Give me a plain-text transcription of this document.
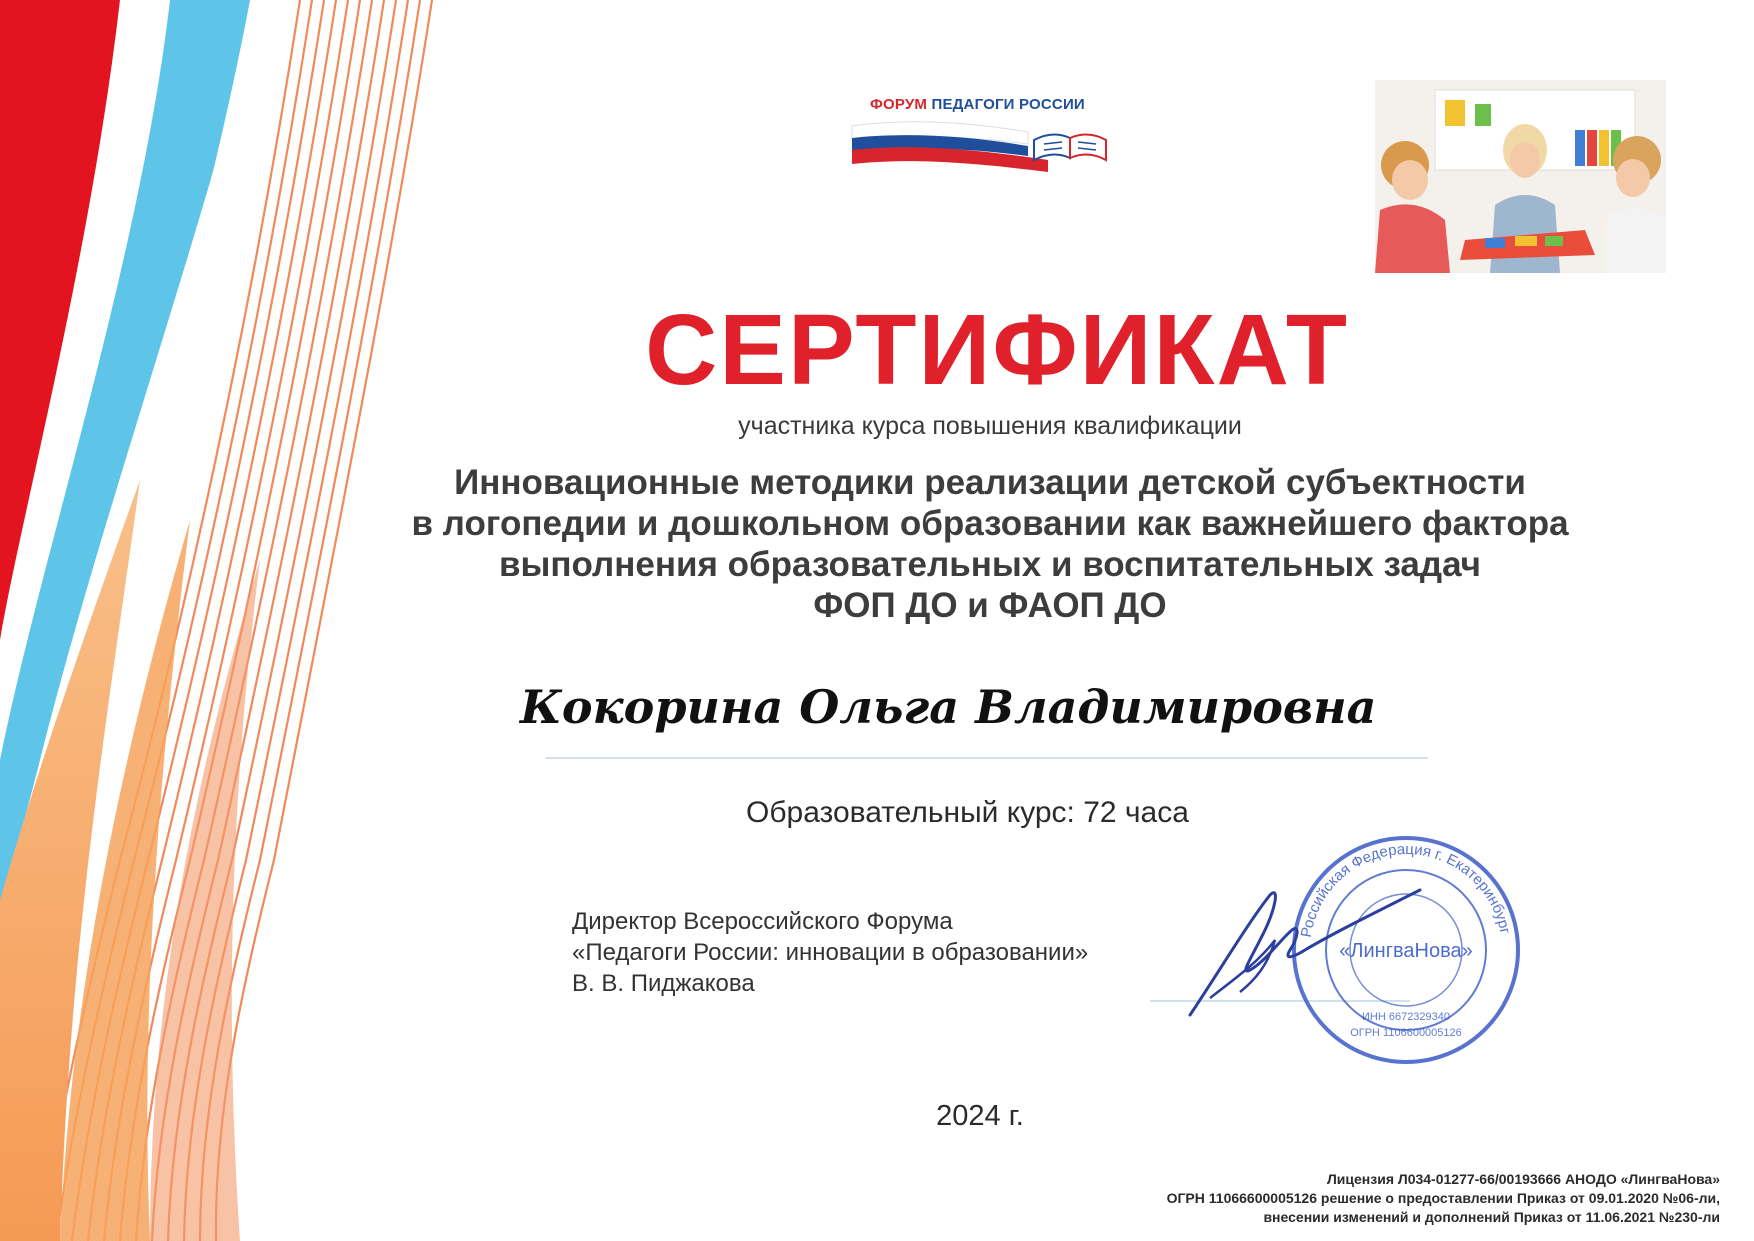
ФОРУМ ПЕДАГОГИ РОССИИ
СЕРТИФИКАТ
участника курса повышения квалификации
Инновационные методики реализации детской субъектности
в логопедии и дошкольном образовании как важнейшего фактора
выполнения образовательных и воспитательных задач
ФОП ДО и ФАОП ДО
Кокорина Ольга Владимировна
Образовательный курс: 72 часа
Директор Всероссийского Форума
«Педагоги России: инновации в образовании»
В. В. Пиджакова
Российская Федерация г. Екатеринбург
«ЛингваНова»
ИНН 6672329340
ОГРН 1106600005126
2024 г.
Лицензия Л034-01277-66/00193666 АНОДО «ЛингваНова»
ОГРН 11066600005126 решение о предоставлении Приказ от 09.01.2020 №06-ли,
внесении изменений и дополнений Приказ от 11.06.2021 №230-ли
